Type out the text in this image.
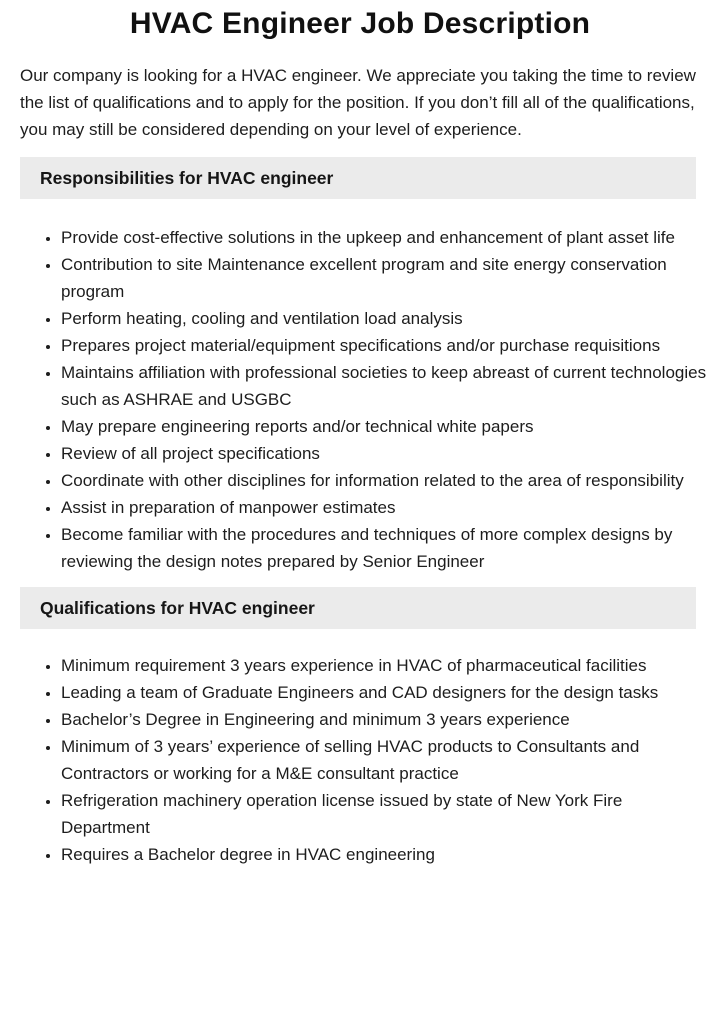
HVAC Engineer Job Description

Our company is looking for a HVAC engineer. We appreciate you taking the time to review the list of qualifications and to apply for the position. If you don’t fill all of the qualifications, you may still be considered depending on your level of experience.

Responsibilities for HVAC engineer
• Provide cost-effective solutions in the upkeep and enhancement of plant asset life
• Contribution to site Maintenance excellent program and site energy conservation program
• Perform heating, cooling and ventilation load analysis
• Prepares project material/equipment specifications and/or purchase requisitions
• Maintains affiliation with professional societies to keep abreast of current technologies such as ASHRAE and USGBC
• May prepare engineering reports and/or technical white papers
• Review of all project specifications
• Coordinate with other disciplines for information related to the area of responsibility
• Assist in preparation of manpower estimates
• Become familiar with the procedures and techniques of more complex designs by reviewing the design notes prepared by Senior Engineer
Qualifications for HVAC engineer
• Minimum requirement 3 years experience in HVAC of pharmaceutical facilities
• Leading a team of Graduate Engineers and CAD designers for the design tasks
• Bachelor’s Degree in Engineering and minimum 3 years experience
• Minimum of 3 years’ experience of selling HVAC products to Consultants and Contractors or working for a M&E consultant practice
• Refrigeration machinery operation license issued by state of New York Fire Department
• Requires a Bachelor degree in HVAC engineering
